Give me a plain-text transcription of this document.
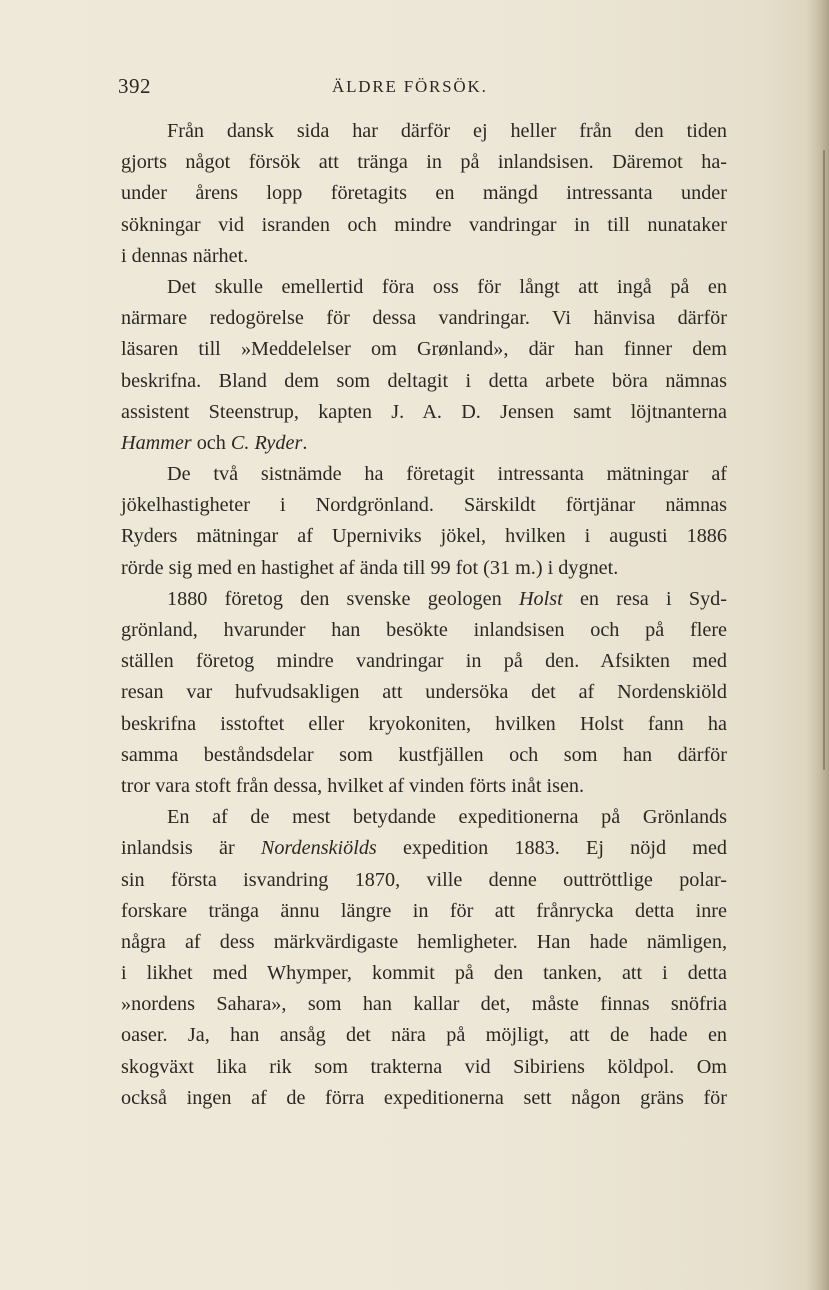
392	ÄLDRE FÖRSÖK.
Från dansk sida har därför ej heller från den tiden
gjorts något försök att tränga in på inlandsisen. Däremot ha-
under årens lopp företagits en mängd intressanta under
sökningar vid isranden och mindre vandringar in till nunataker
i dennas närhet.
Det skulle emellertid föra oss för långt att ingå på en
närmare redogörelse för dessa vandringar. Vi hänvisa därför
läsaren till »Meddelelser om Grønland», där han finner dem
beskrifna. Bland dem som deltagit i detta arbete böra nämnas
assistent Steenstrup, kapten J. A. D. Jensen samt löjtnanterna
Hammer och C. Ryder.
De två sistnämde ha företagit intressanta mätningar af
jökelhastigheter i Nordgrönland. Särskildt förtjänar nämnas
Ryders mätningar af Uperniviks jökel, hvilken i augusti 1886
rörde sig med en hastighet af ända till 99 fot (31 m.) i dygnet.
1880 företog den svenske geologen Holst en resa i Syd-
grönland, hvarunder han besökte inlandsisen och på flere
ställen företog mindre vandringar in på den. Afsikten med
resan var hufvudsakligen att undersöka det af Nordenskiöld
beskrifna isstoftet eller kryokoniten, hvilken Holst fann ha
samma beståndsdelar som kustfjällen och som han därför
tror vara stoft från dessa, hvilket af vinden förts inåt isen.
En af de mest betydande expeditionerna på Grönlands
inlandsis är Nordenskiölds expedition 1883. Ej nöjd med
sin första isvandring 1870, ville denne outtröttlige polar-
forskare tränga ännu längre in för att frånrycka detta inre
några af dess märkvärdigaste hemligheter. Han hade nämligen,
i likhet med Whymper, kommit på den tanken, att i detta
»nordens Sahara», som han kallar det, måste finnas snöfria
oaser. Ja, han ansåg det nära på möjligt, att de hade en
skogväxt lika rik som trakterna vid Sibiriens köldpol. Om
också ingen af de förra expeditionerna sett någon gräns för
